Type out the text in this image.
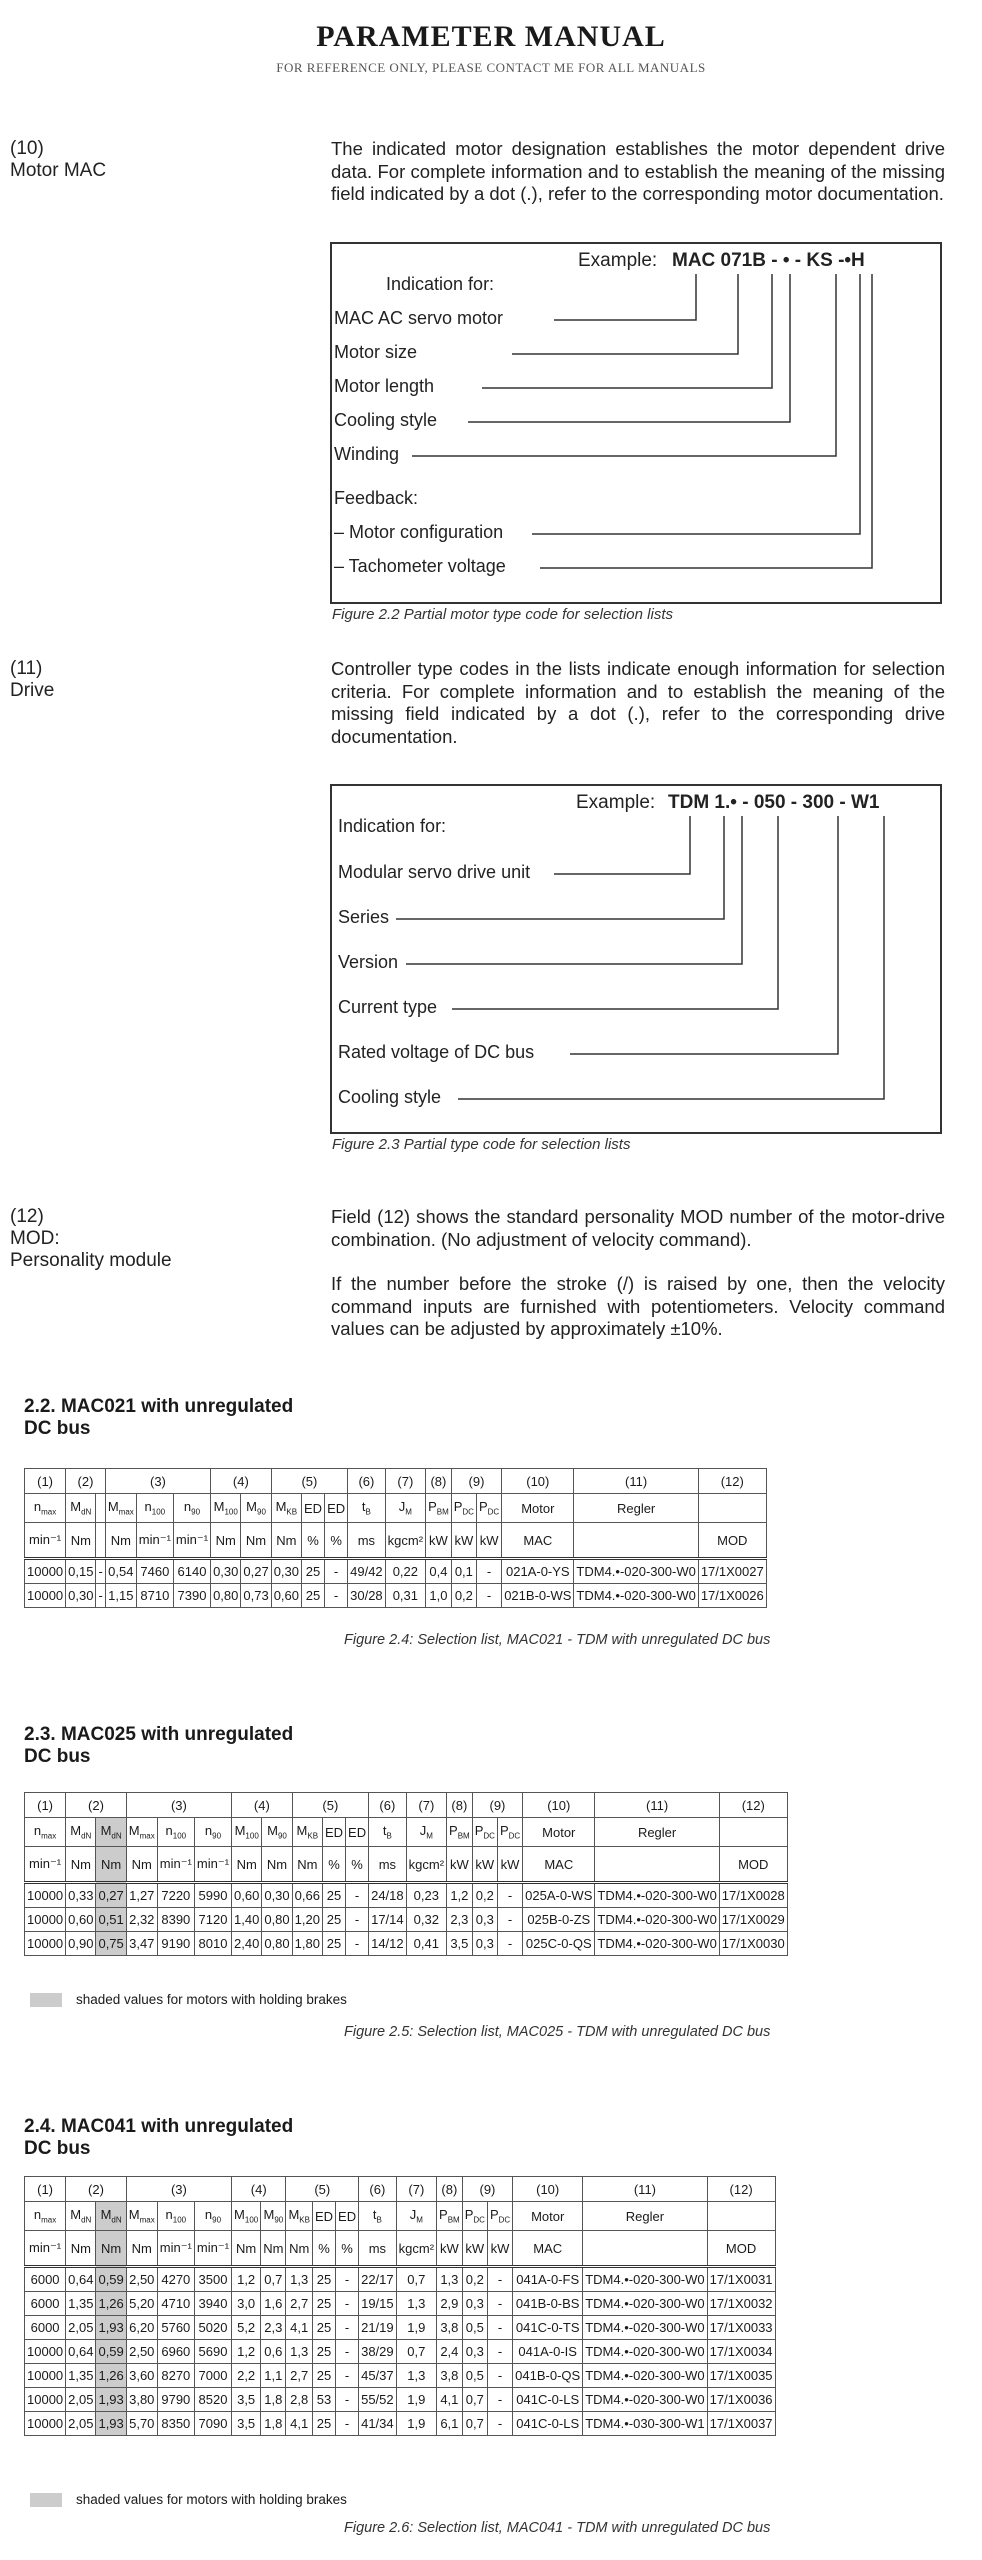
PARAMETER MANUAL
FOR REFERENCE ONLY, PLEASE CONTACT ME FOR ALL MANUALS
(10)
Motor MAC
The indicated motor designation establishes the motor dependent drive data. For complete information and to establish the meaning of the missing field indicated by a dot (.), refer to the corresponding motor documentation.
Example: MAC 071B - • - KS -•H
Indication for:
MAC AC servo motor
Motor size
Motor length
Cooling style
Winding
Feedback:
– Motor configuration
– Tachometer voltage
Figure 2.2 Partial motor type code for selection lists
(11)
Drive
Controller type codes in the lists indicate enough information for selection criteria. For complete information and to establish the meaning of the missing field indicated by a dot (.), refer to the corresponding drive documentation.
Example: TDM 1.• - 050 - 300 - W1
Indication for:
Modular servo drive unit
Series
Version
Current type
Rated voltage of DC bus
Cooling style
Figure 2.3 Partial type code for selection lists
(12)
MOD:
Personality module
Field (12) shows the standard personality MOD number of the motor-drive combination. (No adjustment of velocity command).
If the number before the stroke (/) is raised by one, then the velocity command inputs are furnished with potentiometers. Velocity command values can be adjusted by approximately ±10%.
2.2. MAC021 with unregulated
DC bus
(1)	(2)		(3)			(4)		(5)			(6)	(7)	(8)	(9)		(10)	(11)	(12)
$n_{max}$	$M_{dN}$		$M_{max}$	$n_{100}$	$n_{90}$	$M_{100}$	$M_{90}$	$M_{KB}$	ED	ED	$t_B$	$J_M$	$P_{BM}$	$P_{DC}$	$P_{DC}$	Motor	Regler	
min⁻¹	Nm		Nm	min⁻¹	min⁻¹	Nm	Nm	Nm	%	%	ms	kgcm²	kW	kW	kW	MAC		MOD
10000	0,15	-	0,54	7460	6140	0,30	0,27	0,30	25	-	49/42	0,22	0,4	0,1	-	021A-0-YS	TDM4.•-020-300-W0	17/1X0027
10000	0,30	-	1,15	8710	7390	0,80	0,73	0,60	25	-	30/28	0,31	1,0	0,2	-	021B-0-WS	TDM4.•-020-300-W0	17/1X0026
Figure 2.4: Selection list, MAC021 - TDM with unregulated DC bus
2.3. MAC025 with unregulated
DC bus
(1)	(2)		(3)			(4)		(5)			(6)	(7)	(8)	(9)		(10)	(11)	(12)
$n_{max}$	$M_{dN}$	$M_{dN}$	$M_{max}$	$n_{100}$	$n_{90}$	$M_{100}$	$M_{90}$	$M_{KB}$	ED	ED	$t_B$	$J_M$	$P_{BM}$	$P_{DC}$	$P_{DC}$	Motor	Regler	
min⁻¹	Nm	Nm	Nm	min⁻¹	min⁻¹	Nm	Nm	Nm	%	%	ms	kgcm²	kW	kW	kW	MAC		MOD
10000	0,33	0,27	1,27	7220	5990	0,60	0,30	0,66	25	-	24/18	0,23	1,2	0,2	-	025A-0-WS	TDM4.•-020-300-W0	17/1X0028
10000	0,60	0,51	2,32	8390	7120	1,40	0,80	1,20	25	-	17/14	0,32	2,3	0,3	-	025B-0-ZS	TDM4.•-020-300-W0	17/1X0029
10000	0,90	0,75	3,47	9190	8010	2,40	0,80	1,80	25	-	14/12	0,41	3,5	0,3	-	025C-0-QS	TDM4.•-020-300-W0	17/1X0030
shaded values for motors with holding brakes
Figure 2.5: Selection list, MAC025 - TDM with unregulated DC bus
2.4. MAC041 with unregulated
DC bus
(1)	(2)		(3)			(4)		(5)			(6)	(7)	(8)	(9)		(10)	(11)	(12)
$n_{max}$	$M_{dN}$	$M_{dN}$	$M_{max}$	$n_{100}$	$n_{90}$	$M_{100}$	$M_{90}$	$M_{KB}$	ED	ED	$t_B$	$J_M$	$P_{BM}$	$P_{DC}$	$P_{DC}$	Motor	Regler	
min⁻¹	Nm	Nm	Nm	min⁻¹	min⁻¹	Nm	Nm	Nm	%	%	ms	kgcm²	kW	kW	kW	MAC		MOD
6000	0,64	0,59	2,50	4270	3500	1,2	0,7	1,3	25	-	22/17	0,7	1,3	0,2	-	041A-0-FS	TDM4.•-020-300-W0	17/1X0031
6000	1,35	1,26	5,20	4710	3940	3,0	1,6	2,7	25	-	19/15	1,3	2,9	0,3	-	041B-0-BS	TDM4.•-020-300-W0	17/1X0032
6000	2,05	1,93	6,20	5760	5020	5,2	2,3	4,1	25	-	21/19	1,9	3,8	0,5	-	041C-0-TS	TDM4.•-020-300-W0	17/1X0033
10000	0,64	0,59	2,50	6960	5690	1,2	0,6	1,3	25	-	38/29	0,7	2,4	0,3	-	041A-0-IS	TDM4.•-020-300-W0	17/1X0034
10000	1,35	1,26	3,60	8270	7000	2,2	1,1	2,7	25	-	45/37	1,3	3,8	0,5	-	041B-0-QS	TDM4.•-020-300-W0	17/1X0035
10000	2,05	1,93	3,80	9790	8520	3,5	1,8	2,8	53	-	55/52	1,9	4,1	0,7	-	041C-0-LS	TDM4.•-020-300-W0	17/1X0036
10000	2,05	1,93	5,70	8350	7090	3,5	1,8	4,1	25	-	41/34	1,9	6,1	0,7	-	041C-0-LS	TDM4.•-030-300-W1	17/1X0037
shaded values for motors with holding brakes
Figure 2.6: Selection list, MAC041 - TDM with unregulated DC bus
